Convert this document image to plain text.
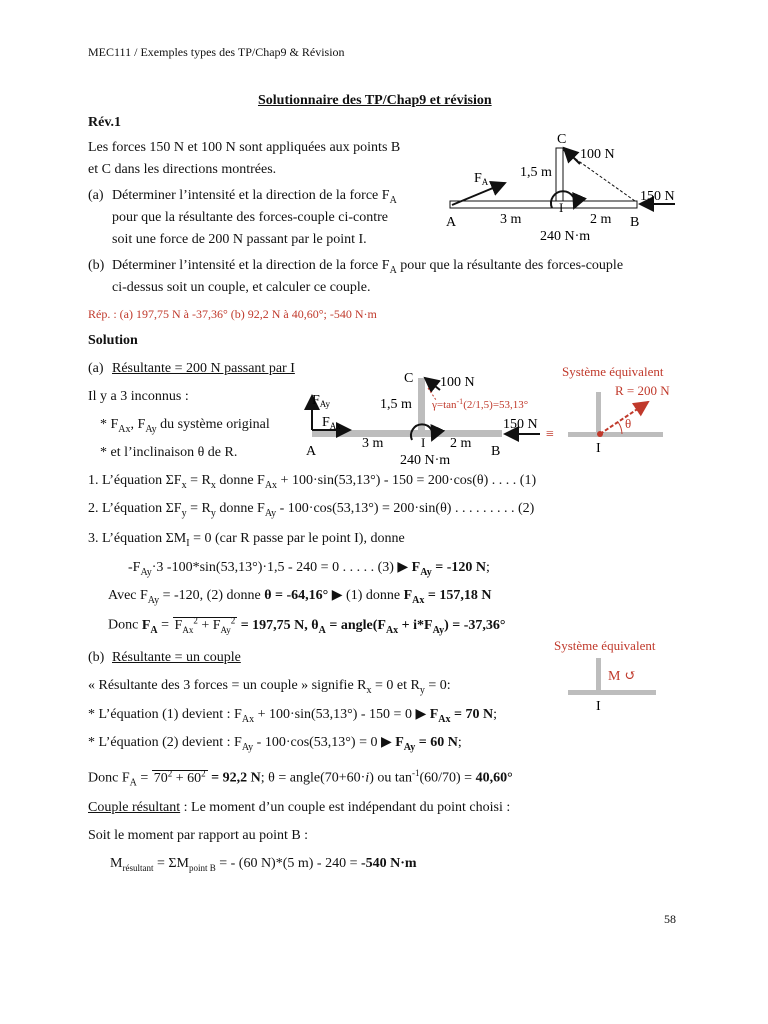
MEC111 / Exemples types des TP/Chap9 & Révision
Solutionnaire des TP/Chap9 et révision
Rév.1
Les forces 150 N et 100 N sont appliquées aux points B
et C dans les directions montrées.
(a) Déterminer l’intensité et la direction de la force $F_A$
pour que la résultante des forces-couple ci-contre
soit une force de 200 N passant par le point I.
(b) Déterminer l’intensité et la direction de la force $F_A$ pour que la résultante des forces-couple
ci-dessus soit un couple, et calculer ce couple.
Rép. : (a) 197,75 N à -37,36° (b) 92,2 N à 40,60°; -540 N·m
C
100 N
1,5 m
$F_A$
150 N
I
A	3 m	2 m B
240 N·m
Solution
(a) Résultante = 200 N passant par I
Il y a 3 inconnus :
* $F_{Ax}$, $F_{Ay}$ du système original
* et l’inclinaison θ de R.
$F_{Ay}$
$F_{Ax}$
C 100 N
1,5 m $\gamma=\tan^{-1}(2/1,5)=53,13^\circ$
150 N
3 m	I 2 m
A	B
240 N·m
Système équivalent
R = 200 N
θ
I
≡
1. L’équation $\Sigma F_x = R_x$ donne $F_{Ax} + 100\cdot\sin(53,13^\circ) - 150 = 200\cdot\cos(\theta)$ . . . . (1)
2. L’équation $\Sigma F_y = R_y$ donne $F_{Ay} - 100\cdot\cos(53,13^\circ) = 200\cdot\sin(\theta)$ . . . . . . . . . (2)
3. L’équation $\Sigma M_I = 0$ (car R passe par le point I), donne
$-F_{Ay}\cdot 3$ -100*sin(53,13°)·1,5 - 240 = 0 . . . . . (3) ▶ $F_{Ay} = -120$ N;
Avec $F_{Ay} = -120$, (2) donne θ = -64,16° ▶ (1) donne $F_{Ax} = 157,18$ N
Donc $F_A = F_{Ax}^2 + F_{Ay}^2 = 197,75$ N, $\theta_A$ = $angle(F_{Ax} + i*F_{Ay}) = -37,36^\circ$
(b) Résultante = un couple
Système équivalent
M ↺
I
« Résultante des 3 forces = un couple » signifie $R_x = 0$ et $R_y = 0$:
* L’équation (1) devient : $F_{Ax} + 100\cdot\sin(53,13^\circ) - 150 = 0$ ▶ $F_{Ax} = 70$ N;
* L’équation (2) devient : $F_{Ay} - 100\cdot\cos(53,13^\circ) = 0$ ▶ $F_{Ay} = 60$ N;
Donc $F_A = 70^2 + 60^2 = 92,2$ N; θ = angle(70+60·i) ou $\tan^{-1}(60/70) = 40,60^\circ$
Couple résultant : Le moment d’un couple est indépendant du point choisi :
Soit le moment par rapport au point B :
$M_{résultant} = \Sigma M_{point B}$ = - (60 N)*(5 m) - 240 = -540 N·m
58
